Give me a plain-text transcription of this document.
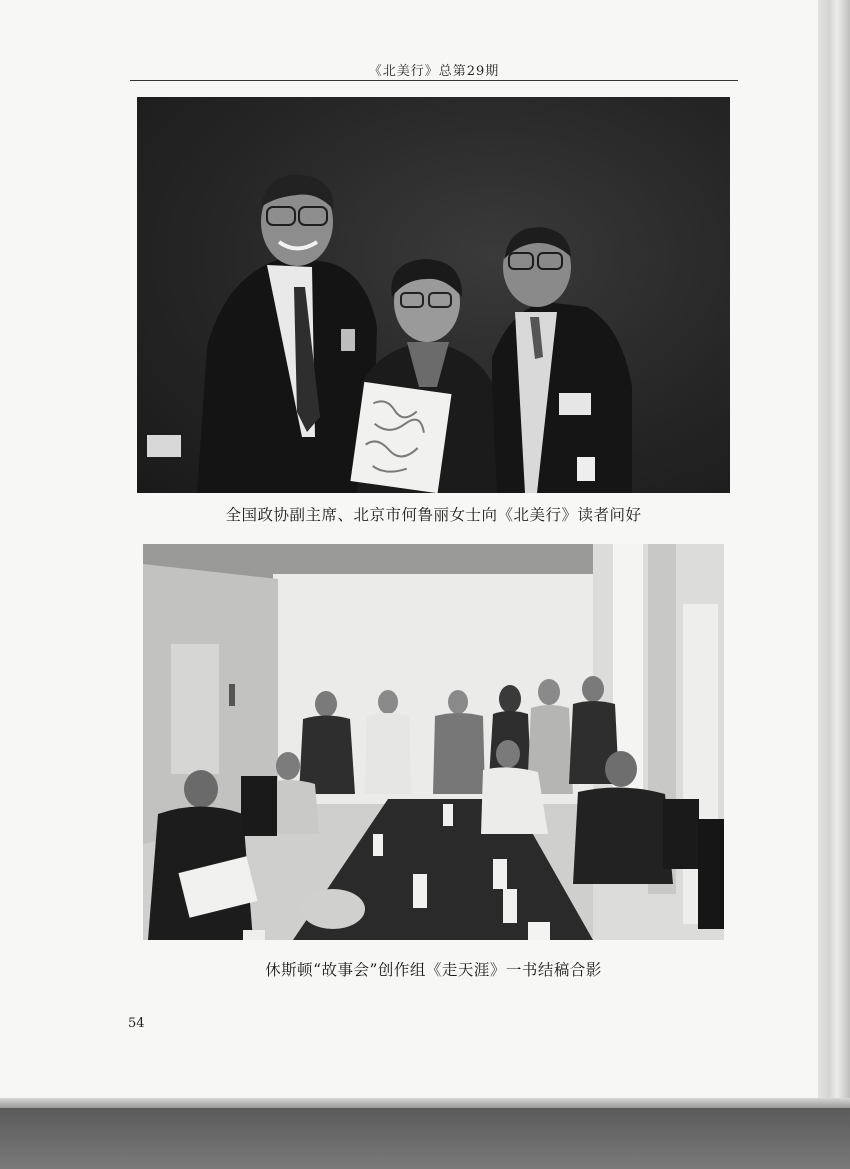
《北美行》总第29期
全国政协副主席、北京市何鲁丽女士向《北美行》读者问好
休斯顿“故事会”创作组《走天涯》一书结稿合影
54
